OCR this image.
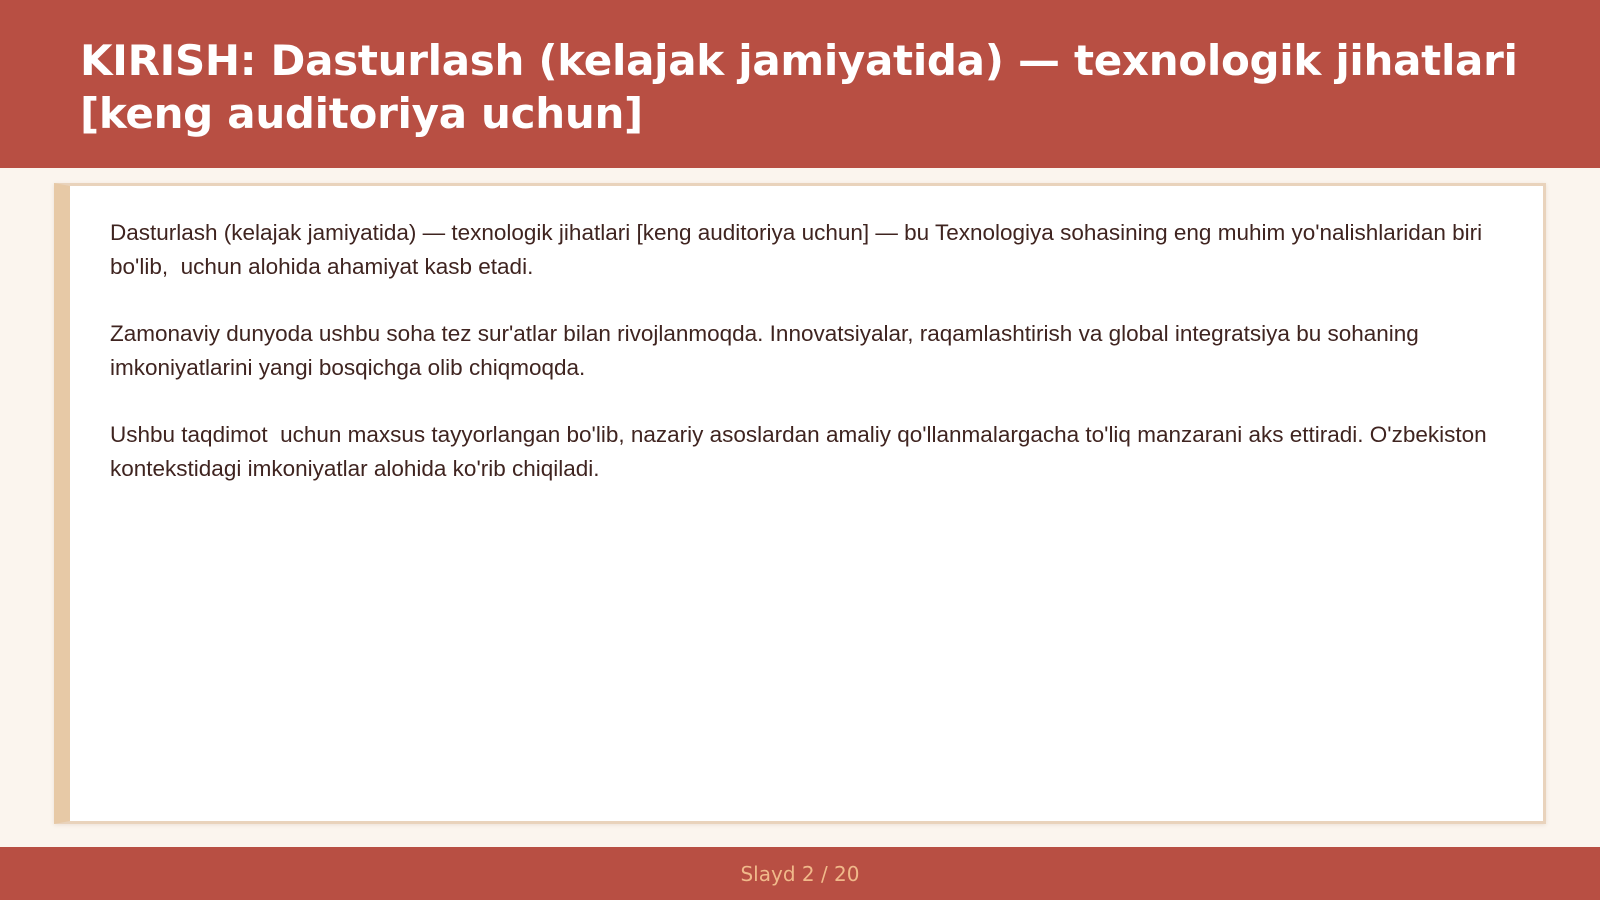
KIRISH: Dasturlash (kelajak jamiyatida) — texnologik jihatlari [keng auditoriya uchun]

Dasturlash (kelajak jamiyatida) — texnologik jihatlari [keng auditoriya uchun] — bu Texnologiya sohasining eng muhim yo'nalishlaridan biri bo'lib,  uchun alohida ahamiyat kasb etadi.

Zamonaviy dunyoda ushbu soha tez sur'atlar bilan rivojlanmoqda. Innovatsiyalar, raqamlashtirish va global integratsiya bu sohaning imkoniyatlarini yangi bosqichga olib chiqmoqda.

Ushbu taqdimot  uchun maxsus tayyorlangan bo'lib, nazariy asoslardan amaliy qo'llanmalargacha to'liq manzarani aks ettiradi. O'zbekiston kontekstidagi imkoniyatlar alohida ko'rib chiqiladi.

Slayd 2 / 20
